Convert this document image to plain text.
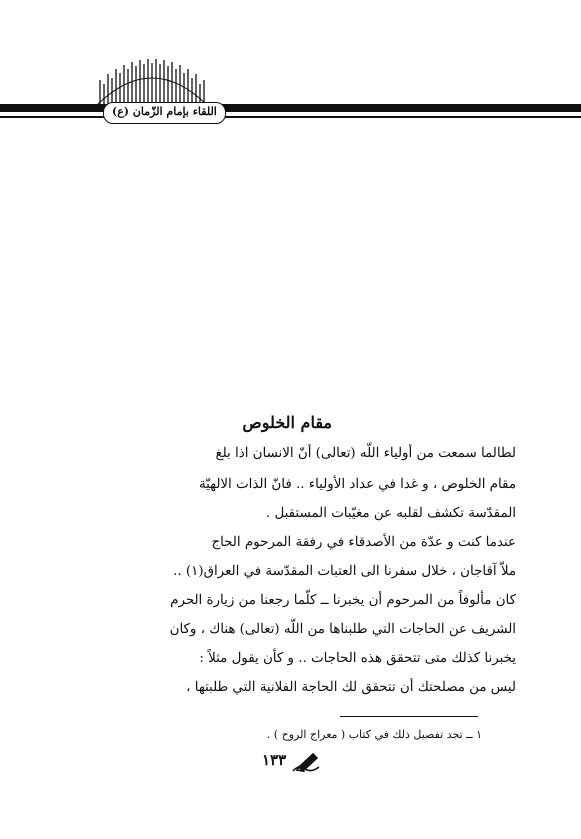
اللقاء بإمام الزّمان (ع)
مقام الخلوص
لطالما سمعت من أولياء اللّه (تعالى) أنّ الانسان اذا بلغ
مقام الخلوص ، و غدا في عداد الأولياء .. فانّ الذات الالهيّة
المقدّسة تكشف لقلبه عن مغيّبات المستقبل .
عندما كنت و عدّة من الأصدقاء في رفقة المرحوم الحاج
ملاّ آقاجان ، خلال سفرنا الى العتبات المقدّسة في العراق(١) ..
كان مألوفاً من المرحوم أن يخبرنا ــ كلّما رجعنا من زيارة الحرم
الشريف عن الحاجات التي طلبناها من اللّه (تعالى) هناك ، وكان
يخبرنا كذلك متى تتحقق هذه الحاجات .. و كأن يقول مثلاً :
ليس من مصلحتك أن تتحقق لك الحاجة الفلانية التي طلبتها ،
١ ــ تجد تفصيل ذلك في كتاب ( معراج الروح ) .
١٣٣
